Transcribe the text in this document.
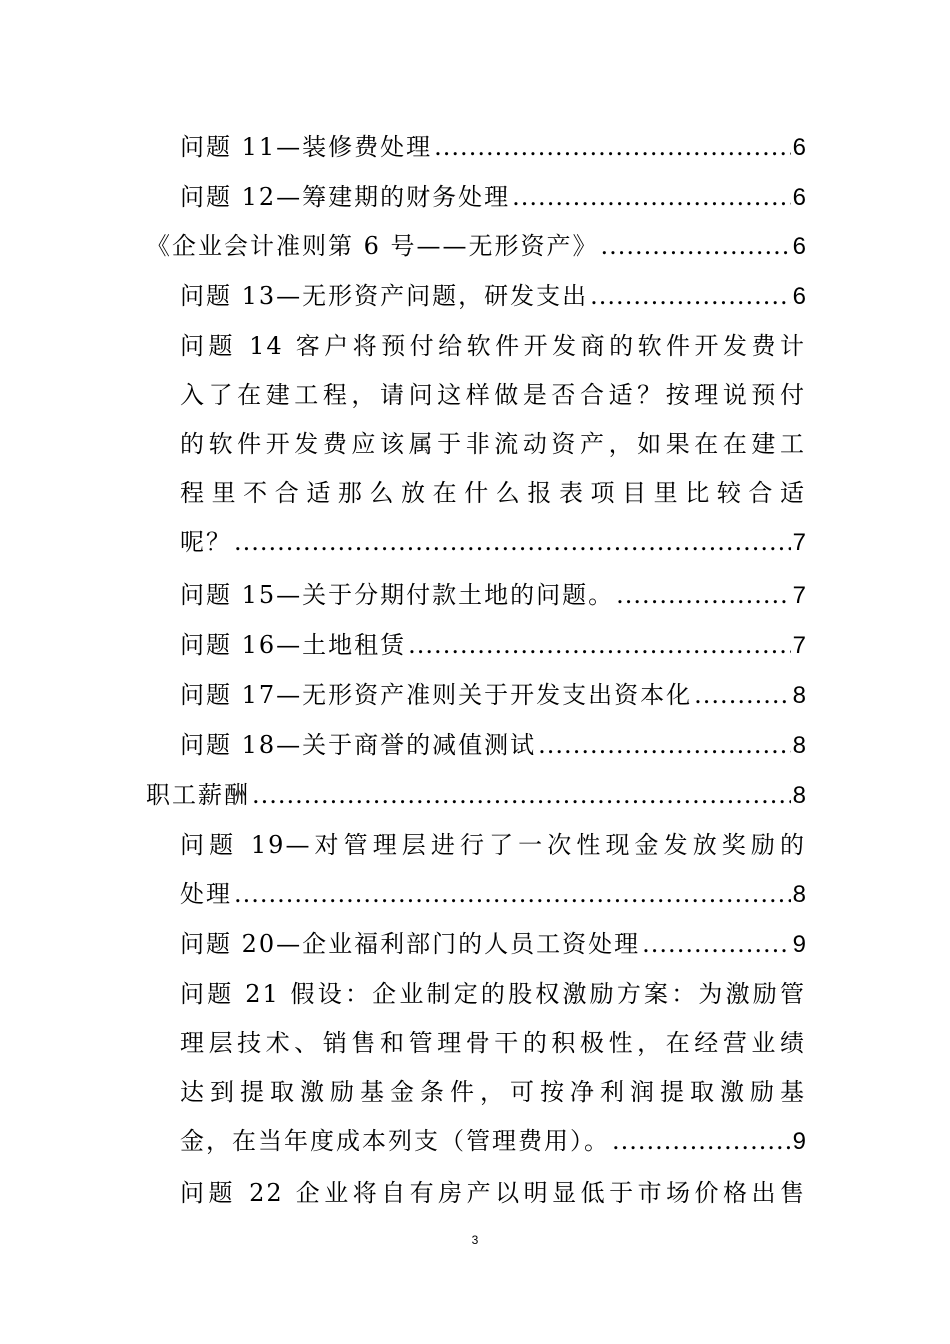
问题 11—装修费处理 .....	6
问题 12—筹建期的财务处理 .....	6
《企业会计准则第 6 号——无形资产》 .....	6
问题 13—无形资产问题，研发支出 .....	6
问题 14 客户将预付给软件开发商的软件开发费计
入了在建工程，请问这样做是否合适？按理说预付
的软件开发费应该属于非流动资产，如果在在建工
程里不合适那么放在什么报表项目里比较合适
呢？ .....	7
问题 15—关于分期付款土地的问题。 .....	7
问题 16—土地租赁 .....	7
问题 17—无形资产准则关于开发支出资本化 .....	8
问题 18—关于商誉的减值测试 .....	8
职工薪酬 .....	8
问题 19—对管理层进行了一次性现金发放奖励的
处理 .....	8
问题 20—企业福利部门的人员工资处理 .....	9
问题 21 假设：企业制定的股权激励方案：为激励管
理层技术、销售和管理骨干的积极性，在经营业绩
达到提取激励基金条件，可按净利润提取激励基
金，在当年度成本列支（管理费用）。 .....	9
问题 22 企业将自有房产以明显低于市场价格出售
3
